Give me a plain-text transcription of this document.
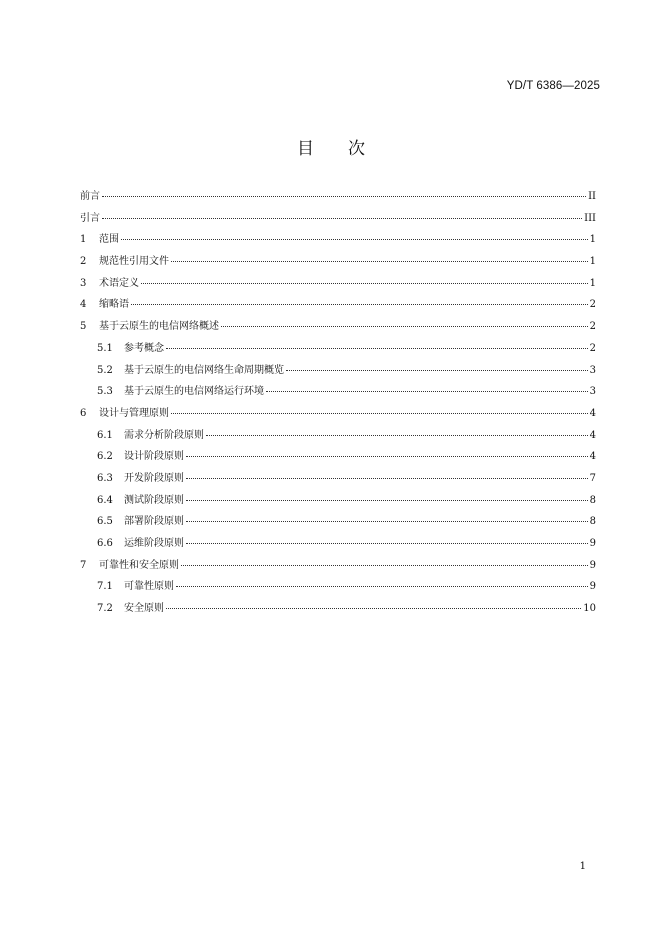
YD/T 6386—2025
目次
前言	II
引言	III
1	范围	1
2	规范性引用文件	1
3	术语定义	1
4	缩略语	2
5	基于云原生的电信网络概述	2
5.1	参考概念	2
5.2	基于云原生的电信网络生命周期概览	3
5.3	基于云原生的电信网络运行环境	3
6	设计与管理原则	4
6.1	需求分析阶段原则	4
6.2	设计阶段原则	4
6.3	开发阶段原则	7
6.4	测试阶段原则	8
6.5	部署阶段原则	8
6.6	运维阶段原则	9
7	可靠性和安全原则	9
7.1	可靠性原则	9
7.2	安全原则	10
1
